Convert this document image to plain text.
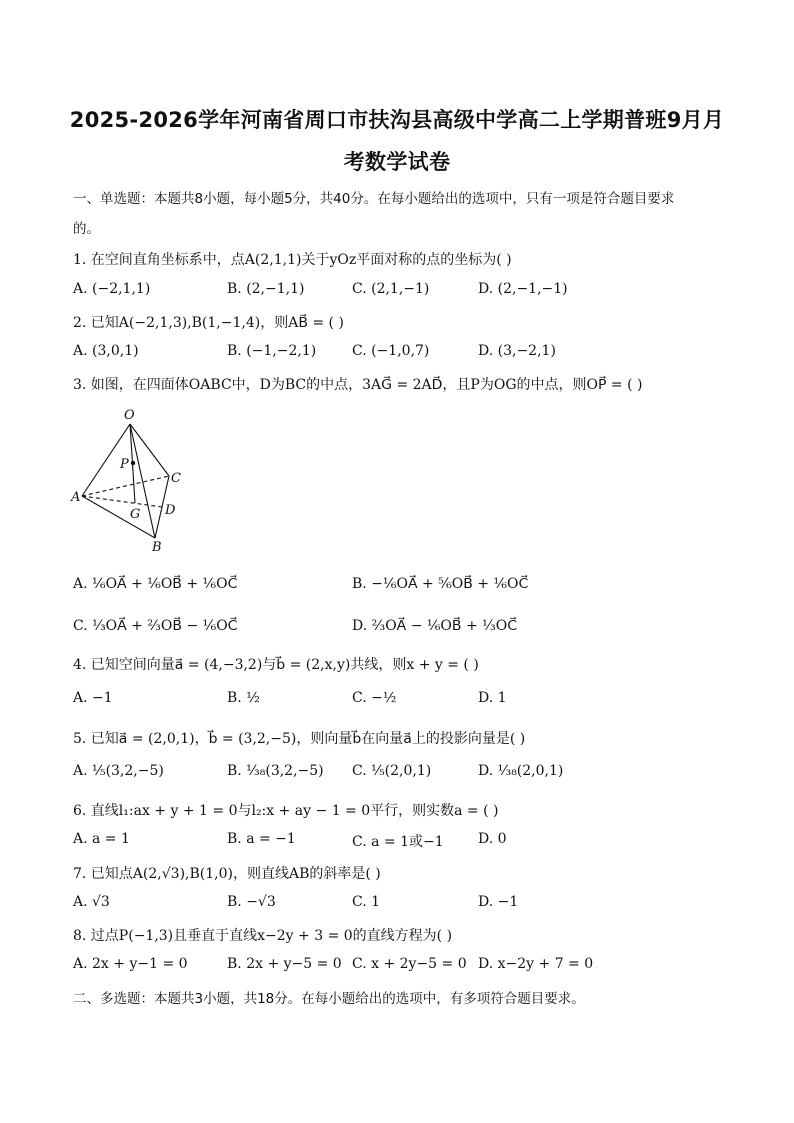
2025-2026学年河南省周口市扶沟县高级中学高二上学期普班9月月
考数学试卷
一、单选题：本题共8小题，每小题5分，共40分。在每小题给出的选项中，只有一项是符合题目要求
的。
1. 在空间直角坐标系中，点A(2,1,1)关于yOz平面对称的点的坐标为( )
A. (−2,1,1)	B. (2,−1,1)	C. (2,1,−1)	D. (2,−1,−1)
2. 已知A(−2,1,3),B(1,−1,4)，则AB⃗ = ( )
A. (3,0,1)	B. (−1,−2,1)	C. (−1,0,7)	D. (3,−2,1)
3. 如图，在四面体OABC中，D为BC的中点，3AG⃗ = 2AD⃗，且P为OG的中点，则OP⃗ = ( )
O
P
C
A
G D
B
A. ¹⁄₆OA⃗ + ¹⁄₆OB⃗ + ¹⁄₆OC⃗	B. −¹⁄₆OA⃗ + ⁵⁄₆OB⃗ + ¹⁄₆OC⃗
C. ¹⁄₃OA⃗ + ²⁄₃OB⃗ − ¹⁄₆OC⃗	D. ²⁄₃OA⃗ − ¹⁄₆OB⃗ + ¹⁄₃OC⃗
4. 已知空间向量a⃗ = (4,−3,2)与b⃗ = (2,x,y)共线，则x + y = ( )
A. −1	B. ½	C. −½	D. 1
5. 已知a⃗ = (2,0,1)，b⃗ = (3,2,−5)，则向量b⃗在向量a⃗上的投影向量是( )
A. ¹⁄₅(3,2,−5)	B. ¹⁄₃₈(3,2,−5) C. ¹⁄₅(2,0,1)	D. ¹⁄₃₈(2,0,1)
6. 直线l₁:ax + y + 1 = 0与l₂:x + ay − 1 = 0平行，则实数a = ( )
A. a = 1	B. a = −1	C. a = 1或−1 D. 0
7. 已知点A(2,√3),B(1,0)，则直线AB的斜率是( )
A. √3	B. −√3	C. 1	D. −1
8. 过点P(−1,3)且垂直于直线x−2y + 3 = 0的直线方程为( )
A. 2x + y−1 = 0	B. 2x + y−5 = 0 C. x + 2y−5 = 0 D. x−2y + 7 = 0
二、多选题：本题共3小题，共18分。在每小题给出的选项中，有多项符合题目要求。
